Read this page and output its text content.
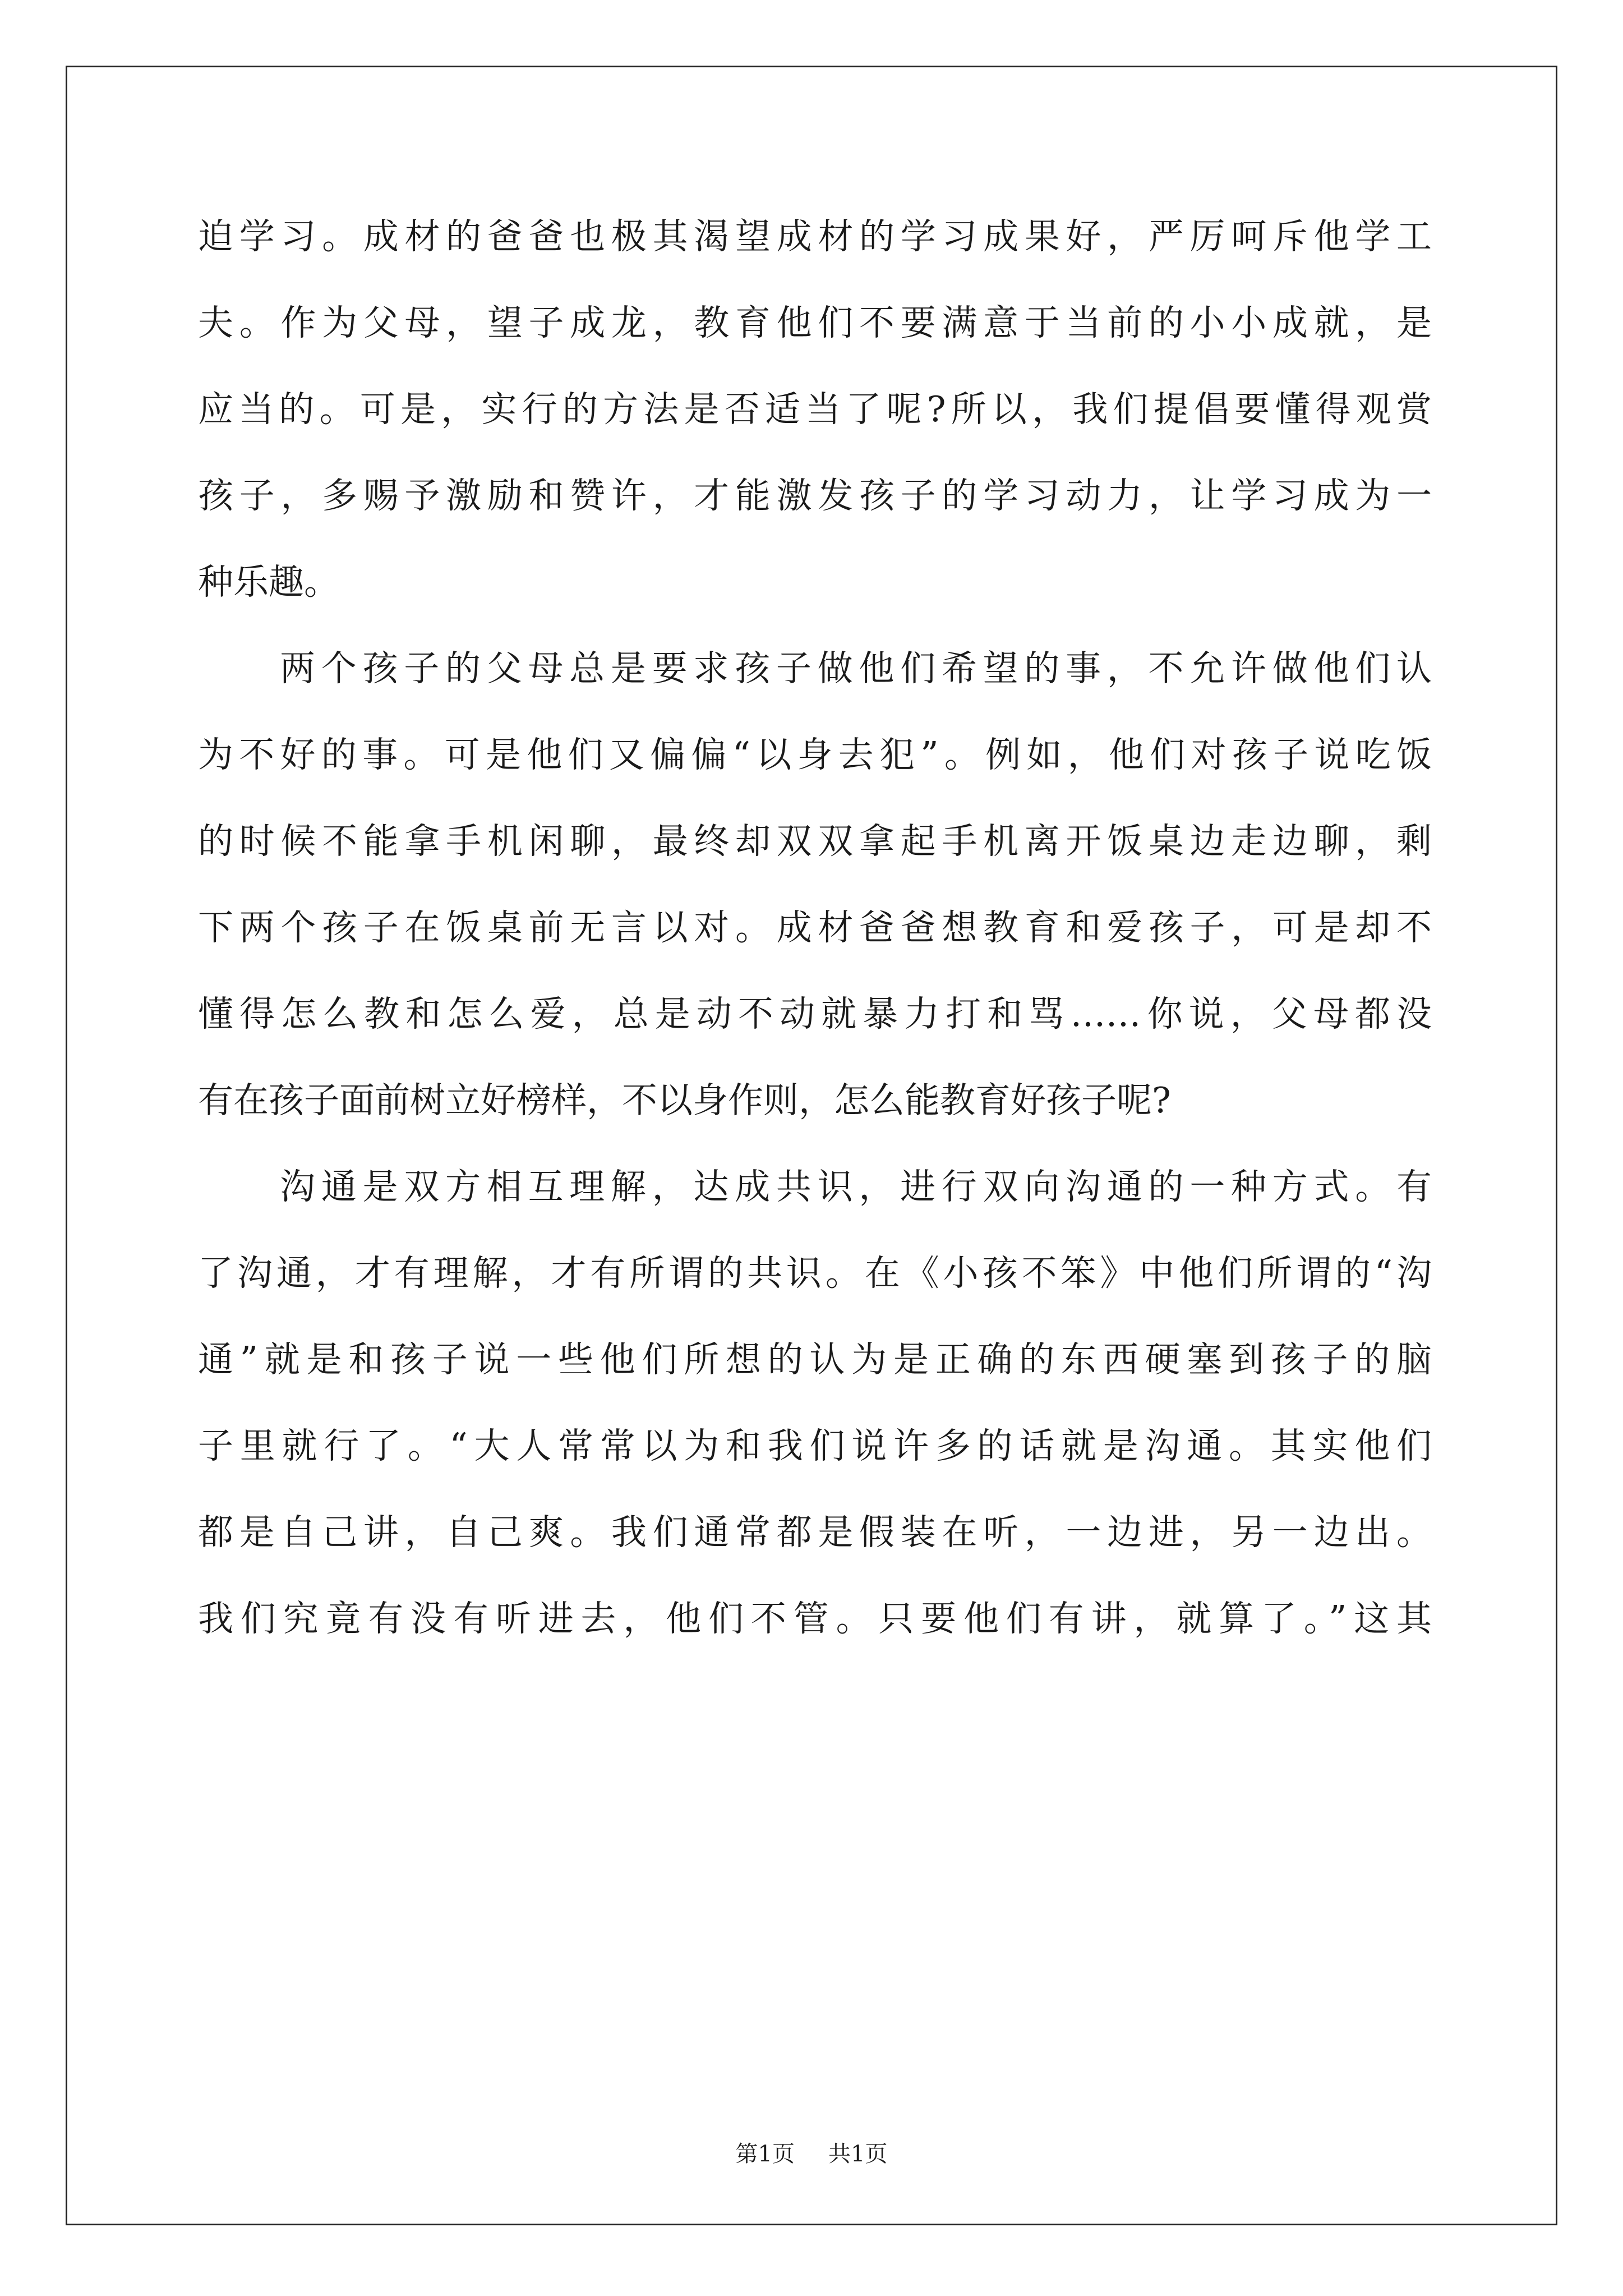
迫学习。成材的爸爸也极其渴望成材的学习成果好，严厉呵斥他学工
夫。作为父母，望子成龙，教育他们不要满意于当前的小小成就，是
应当的。可是，实行的方法是否适当了呢?所以，我们提倡要懂得观赏
孩子，多赐予激励和赞许，才能激发孩子的学习动力，让学习成为一
种乐趣。
两个孩子的父母总是要求孩子做他们希望的事，不允许做他们认
为不好的事。可是他们又偏偏“以身去犯”。例如，他们对孩子说吃饭
的时候不能拿手机闲聊，最终却双双拿起手机离开饭桌边走边聊，剩
下两个孩子在饭桌前无言以对。成材爸爸想教育和爱孩子，可是却不
懂得怎么教和怎么爱，总是动不动就暴力打和骂……你说，父母都没
有在孩子面前树立好榜样，不以身作则，怎么能教育好孩子呢?
沟通是双方相互理解，达成共识，进行双向沟通的一种方式。有
了沟通，才有理解，才有所谓的共识。在《小孩不笨》中他们所谓的“沟
通”就是和孩子说一些他们所想的认为是正确的东西硬塞到孩子的脑
子里就行了。“大人常常以为和我们说许多的话就是沟通。其实他们
都是自己讲，自己爽。我们通常都是假装在听，一边进，另一边出。
我们究竟有没有听进去，他们不管。只要他们有讲，就算了。”这其
第1页 共1页
